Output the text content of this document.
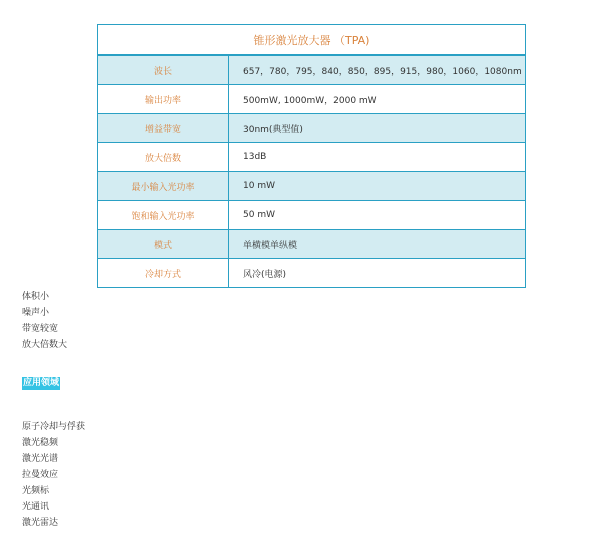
锥形激光放大器 （TPA)	
波长	657，780，795，840，850，895，915，980，1060，1080nm
输出功率	500mW, 1000mW，2000 mW
增益带宽	30nm(典型值)
放大倍数	13dB
最小输入光功率	10 mW
饱和输入光功率	50 mW
模式	单横模单纵模
冷却方式	风冷(电源)
体积小
噪声小
带宽较宽
放大倍数大
应用领域
原子冷却与俘获
激光稳频
激光光谱
拉曼效应
光频标
光通讯
激光雷达
